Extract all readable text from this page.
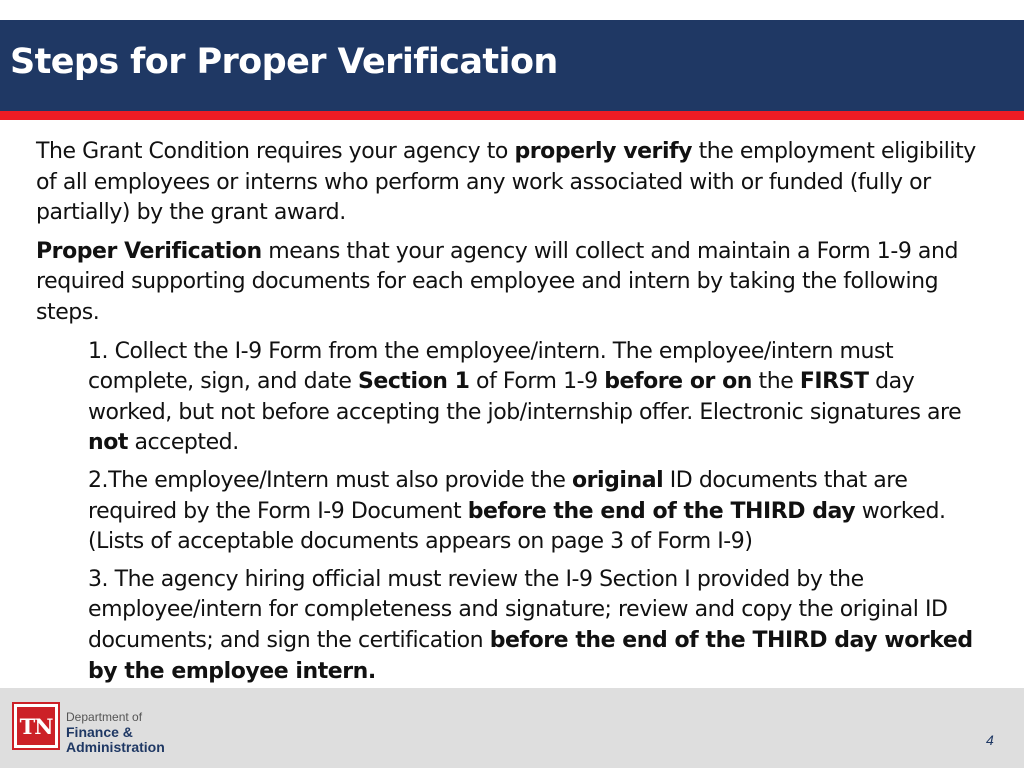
Steps for Proper Verification

The Grant Condition requires your agency to properly verify the employment eligibility of all employees or interns who perform any work associated with or funded (fully or partially) by the grant award.

Proper Verification means that your agency will collect and maintain a Form 1-9 and required supporting documents for each employee and intern by taking the following steps.

1. Collect the I-9 Form from the employee/intern. The employee/intern must complete, sign, and date Section 1 of Form 1-9 before or on the FIRST day worked, but not before accepting the job/internship offer. Electronic signatures are not accepted.

2.The employee/Intern must also provide the original ID documents that are required by the Form I-9 Document before the end of the THIRD day worked. (Lists of acceptable documents appears on page 3 of Form I-9)

3. The agency hiring official must review the I-9 Section I provided by the employee/intern for completeness and signature; review and copy the original ID documents; and sign the certification before the end of the THIRD day worked by the employee intern.

TN Department of
Finance &
Administration	4
